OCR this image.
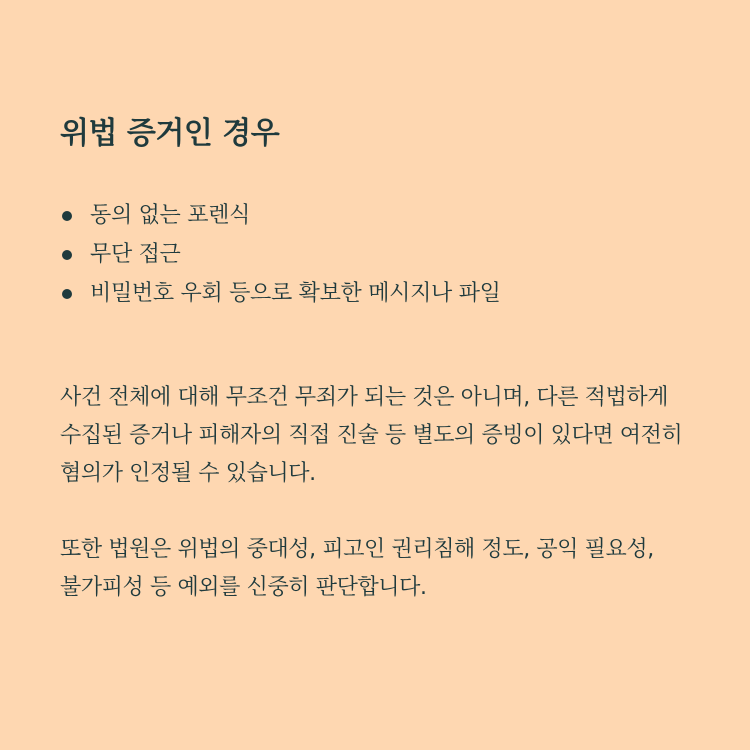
위법 증거인 경우
동의 없는 포렌식
무단 접근
비밀번호 우회 등으로 확보한 메시지나 파일

사건 전체에 대해 무조건 무죄가 되는 것은 아니며, 다른 적법하게 수집된 증거나 피해자의 직접 진술 등 별도의 증빙이 있다면 여전히 혐의가 인정될 수 있습니다.

또한 법원은 위법의 중대성, 피고인 권리침해 정도, 공익 필요성, 불가피성 등 예외를 신중히 판단합니다.
